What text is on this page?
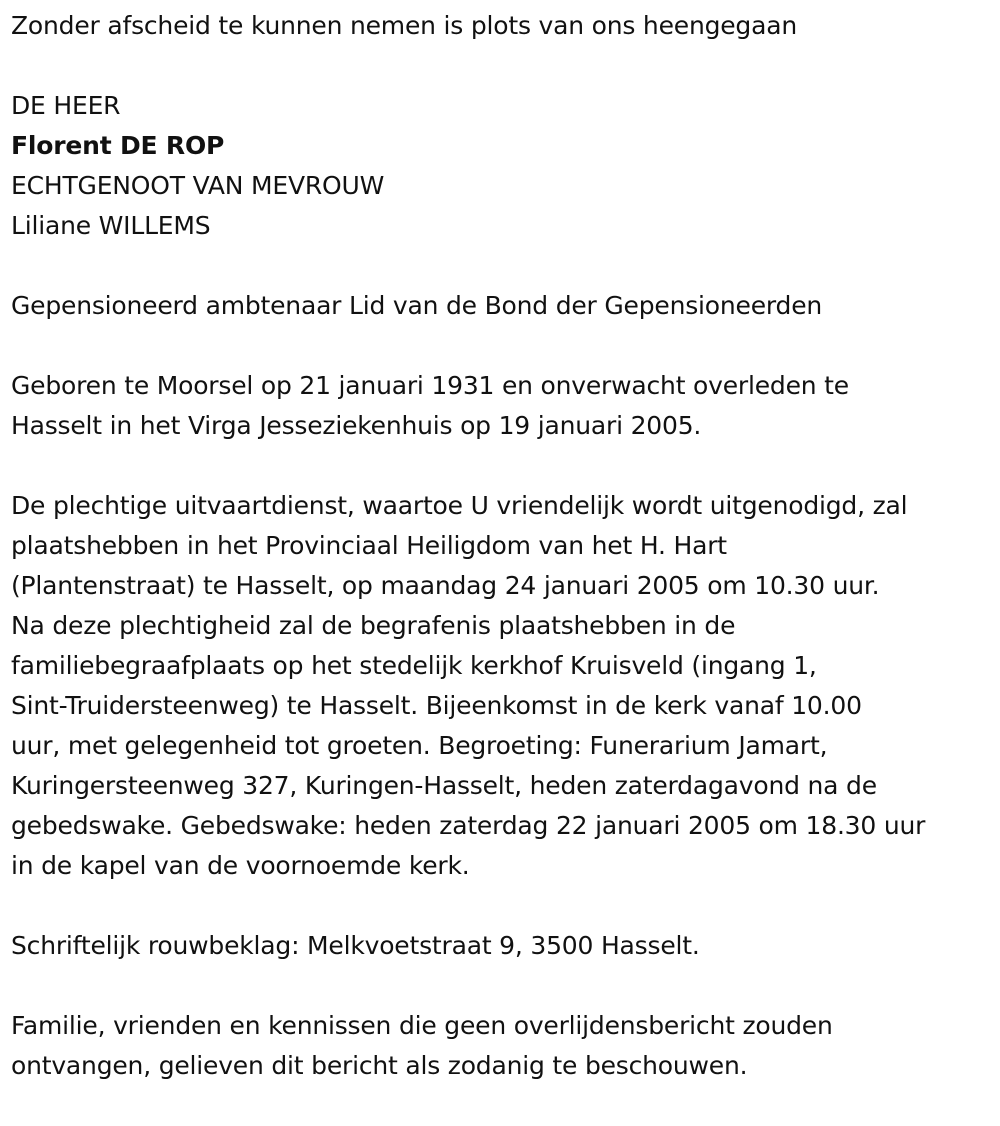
Zonder afscheid te kunnen nemen is plots van ons heengegaan
DE HEER
Florent DE ROP
ECHTGENOOT VAN MEVROUW
Liliane WILLEMS
Gepensioneerd ambtenaar Lid van de Bond der Gepensioneerden
Geboren te Moorsel op 21 januari 1931 en onverwacht overleden te
Hasselt in het Virga Jesseziekenhuis op 19 januari 2005.
De plechtige uitvaartdienst, waartoe U vriendelijk wordt uitgenodigd, zal
plaatshebben in het Provinciaal Heiligdom van het H. Hart
(Plantenstraat) te Hasselt, op maandag 24 januari 2005 om 10.30 uur.
Na deze plechtigheid zal de begrafenis plaatshebben in de
familiebegraafplaats op het stedelijk kerkhof Kruisveld (ingang 1,
Sint-Truidersteenweg) te Hasselt. Bijeenkomst in de kerk vanaf 10.00
uur, met gelegenheid tot groeten. Begroeting: Funerarium Jamart,
Kuringersteenweg 327, Kuringen-Hasselt, heden zaterdagavond na de
gebedswake. Gebedswake: heden zaterdag 22 januari 2005 om 18.30 uur
in de kapel van de voornoemde kerk.
Schriftelijk rouwbeklag: Melkvoetstraat 9, 3500 Hasselt.
Familie, vrienden en kennissen die geen overlijdensbericht zouden
ontvangen, gelieven dit bericht als zodanig te beschouwen.
